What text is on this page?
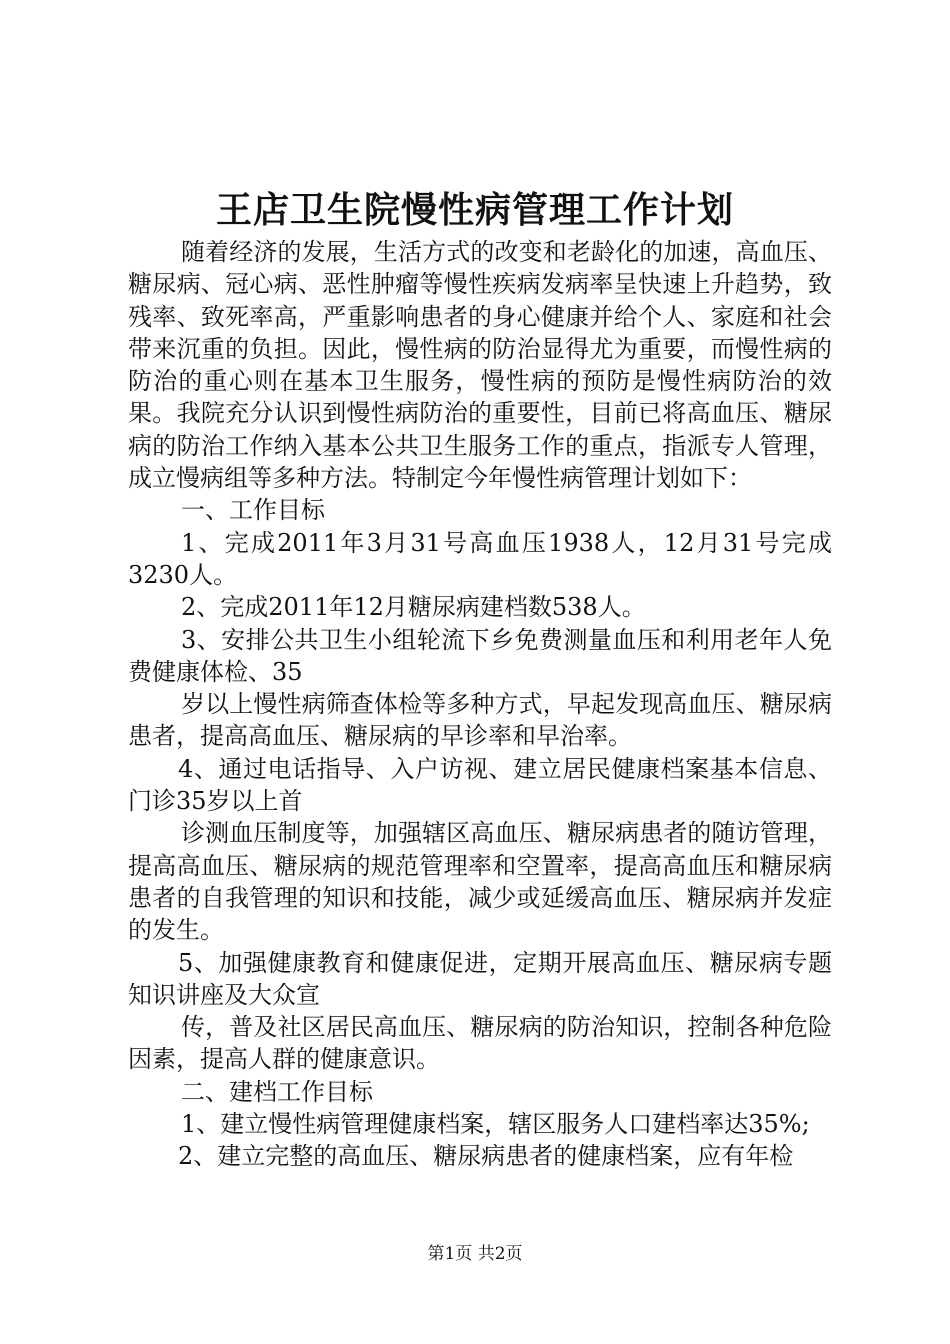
王店卫生院慢性病管理工作计划

随着经济的发展，生活方式的改变和老龄化的加速，高血压、糖尿病、冠心病、恶性肿瘤等慢性疾病发病率呈快速上升趋势，致残率、致死率高，严重影响患者的身心健康并给个人、家庭和社会带来沉重的负担。因此，慢性病的防治显得尤为重要，而慢性病的防治的重心则在基本卫生服务，慢性病的预防是慢性病防治的效果。我院充分认识到慢性病防治的重要性，目前已将高血压、糖尿病的防治工作纳入基本公共卫生服务工作的重点，指派专人管理，成立慢病组等多种方法。特制定今年慢性病管理计划如下：

一、工作目标

1、完成2011年3月31号高血压1938人，12月31号完成3230人。

2、完成2011年12月糖尿病建档数538人。

3、安排公共卫生小组轮流下乡免费测量血压和利用老年人免费健康体检、35

岁以上慢性病筛查体检等多种方式，早起发现高血压、糖尿病患者，提高高血压、糖尿病的早诊率和早治率。

4、通过电话指导、入户访视、建立居民健康档案基本信息、门诊35岁以上首

诊测血压制度等，加强辖区高血压、糖尿病患者的随访管理，提高高血压、糖尿病的规范管理率和空置率，提高高血压和糖尿病患者的自我管理的知识和技能，减少或延缓高血压、糖尿病并发症的发生。

5、加强健康教育和健康促进，定期开展高血压、糖尿病专题知识讲座及大众宣

传，普及社区居民高血压、糖尿病的防治知识，控制各种危险因素，提高人群的健康意识。

二、建档工作目标

1、建立慢性病管理健康档案，辖区服务人口建档率达35%;

2、建立完整的高血压、糖尿病患者的健康档案，应有年检

第1页 共2页
